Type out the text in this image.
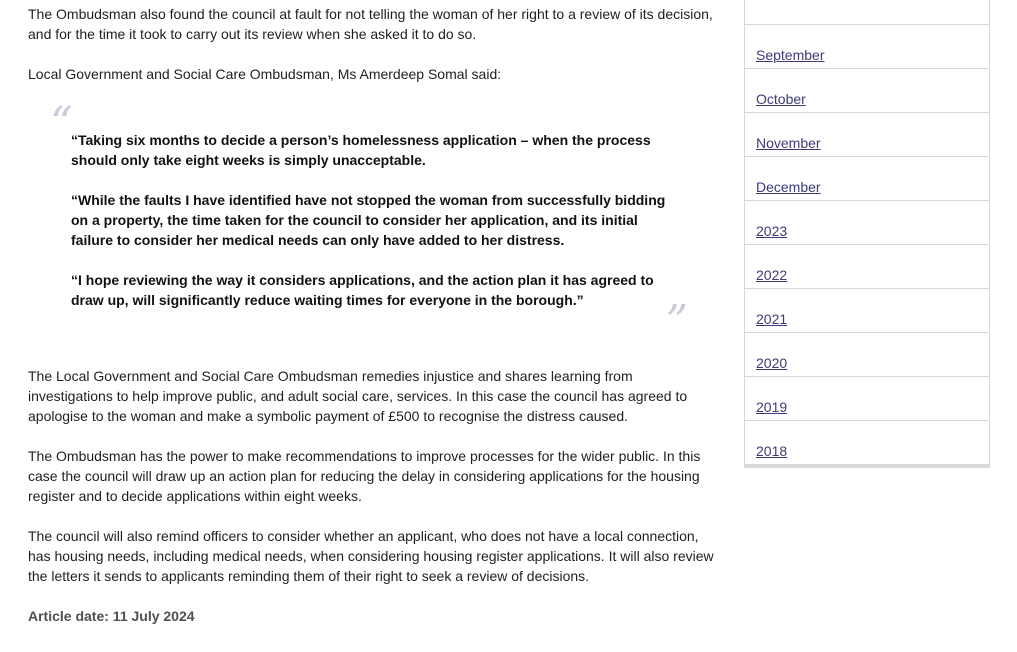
The Ombudsman also found the council at fault for not telling the woman of her right to a review of its decision, and for the time it took to carry out its review when she asked it to do so.

Local Government and Social Care Ombudsman, Ms Amerdeep Somal said:

“

“Taking six months to decide a person’s homelessness application – when the process should only take eight weeks is simply unacceptable.

“While the faults I have identified have not stopped the woman from successfully bidding on a property, the time taken for the council to consider her application, and its initial failure to consider her medical needs can only have added to her distress.

“I hope reviewing the way it considers applications, and the action plan it has agreed to draw up, will significantly reduce waiting times for everyone in the borough.”	”

The Local Government and Social Care Ombudsman remedies injustice and shares learning from investigations to help improve public, and adult social care, services. In this case the council has agreed to apologise to the woman and make a symbolic payment of £500 to recognise the distress caused.

The Ombudsman has the power to make recommendations to improve processes for the wider public. In this case the council will draw up an action plan for reducing the delay in considering applications for the housing register and to decide applications within eight weeks.

The council will also remind officers to consider whether an applicant, who does not have a local connection, has housing needs, including medical needs, when considering housing register applications. It will also review the letters it sends to applicants reminding them of their right to seek a review of decisions.

Article date: 11 July 2024

September
October
November
December
2023
2022
2021
2020
2019
2018
